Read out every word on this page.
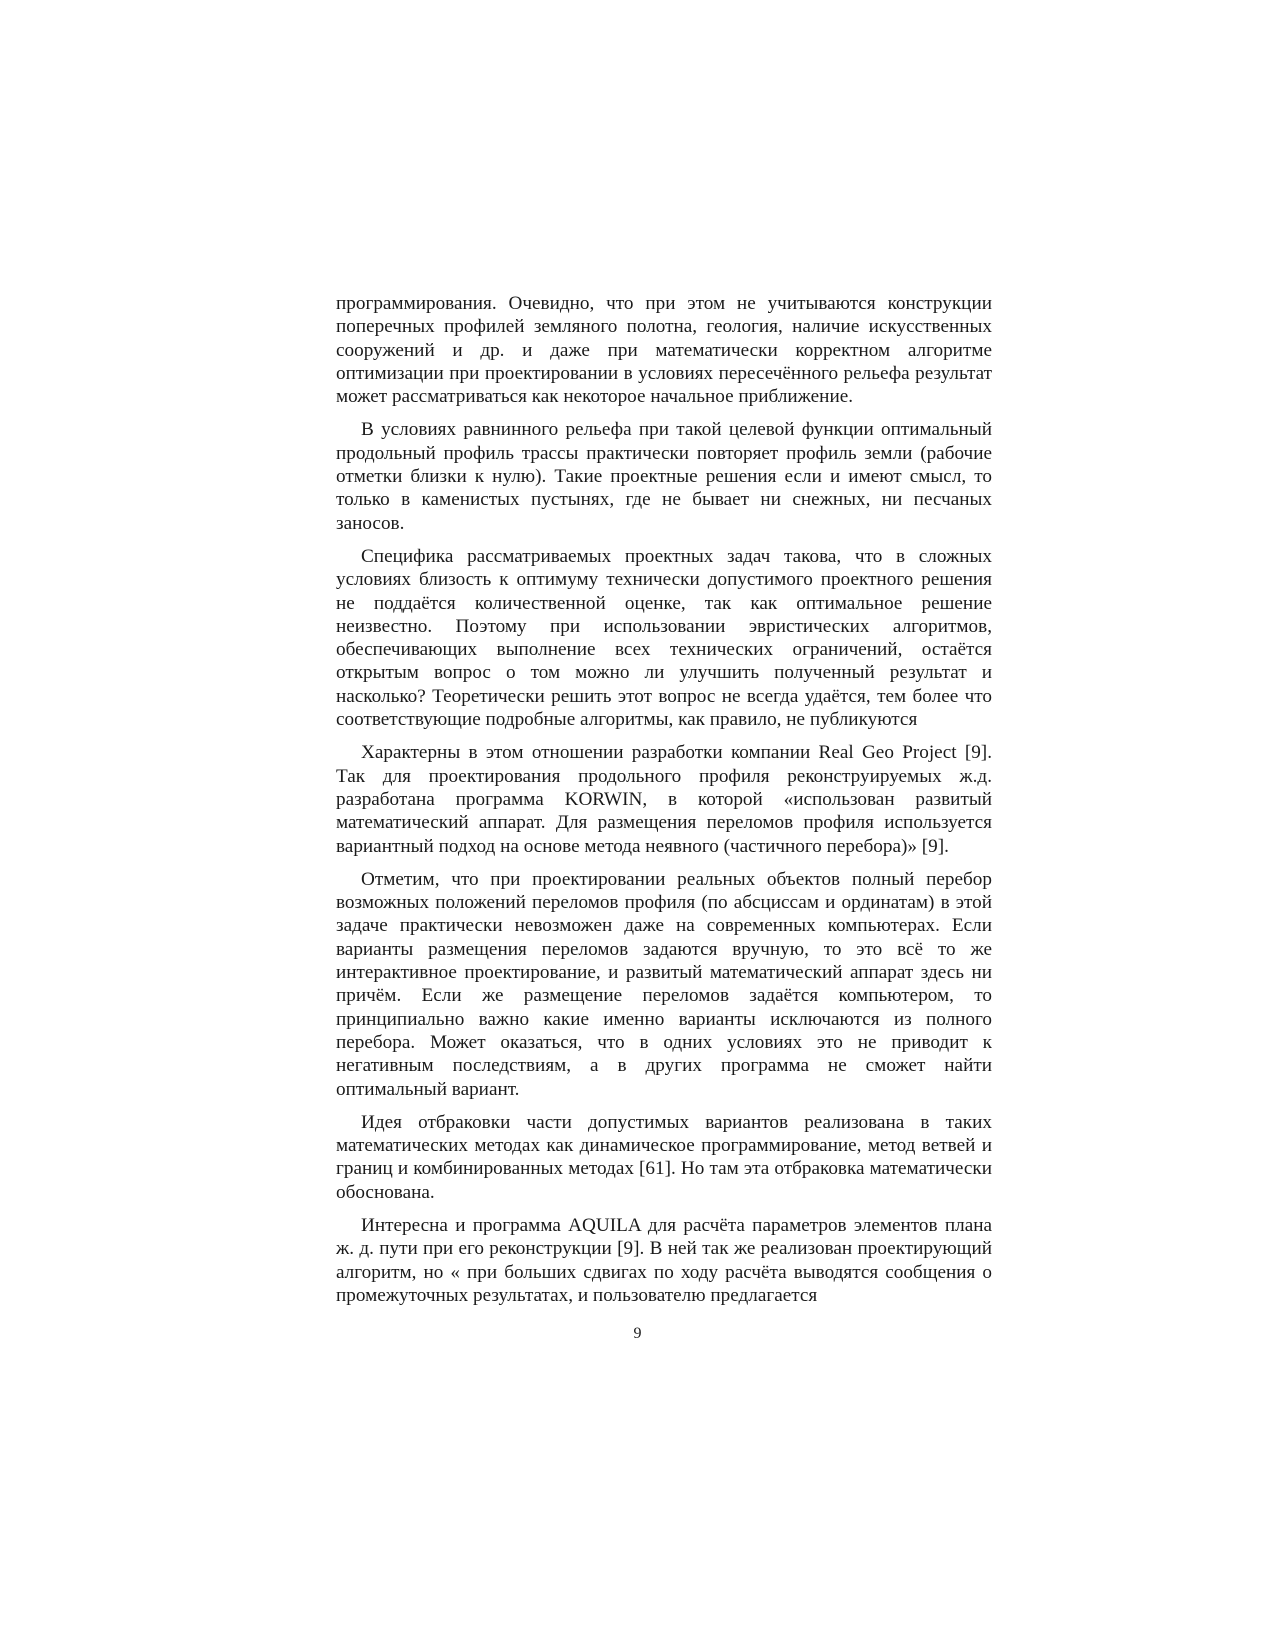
программирования. Очевидно, что при этом не учитываются конструкции поперечных профилей земляного полотна, геология, наличие искусственных сооружений и др. и даже при математически корректном алгоритме оптимизации при проектировании в условиях пересечённого рельефа результат может рассматриваться как некоторое начальное приближение.

В условиях равнинного рельефа при такой целевой функции оптимальный продольный профиль трассы практически повторяет профиль земли (рабочие отметки близки к нулю). Такие проектные решения если и имеют смысл, то только в каменистых пустынях, где не бывает ни снежных, ни песчаных заносов.

Специфика рассматриваемых проектных задач такова, что в сложных условиях близость к оптимуму технически допустимого проектного решения не поддаётся количественной оценке, так как оптимальное решение неизвестно. Поэтому при использовании эвристических алгоритмов, обеспечивающих выполнение всех технических ограничений, остаётся открытым вопрос о том можно ли улучшить полученный результат и насколько? Теоретически решить этот вопрос не всегда удаётся, тем более что соответствующие подробные алгоритмы, как правило, не публикуются

Характерны в этом отношении разработки компании Real Geo Project [9]. Так для проектирования продольного профиля реконструируемых ж.д. разработана программа KORWIN, в которой «использован развитый математический аппарат. Для размещения переломов профиля используется вариантный подход на основе метода неявного (частичного перебора)» [9].

Отметим, что при проектировании реальных объектов полный перебор возможных положений переломов профиля (по абсциссам и ординатам) в этой задаче практически невозможен даже на современных компьютерах. Если варианты размещения переломов задаются вручную, то это всё то же интерактивное проектирование, и развитый математический аппарат здесь ни причём. Если же размещение переломов задаётся компьютером, то принципиально важно какие именно варианты исключаются из полного перебора. Может оказаться, что в одних условиях это не приводит к негативным последствиям, а в других программа не сможет найти оптимальный вариант.

Идея отбраковки части допустимых вариантов реализована в таких математических методах как динамическое программирование, метод ветвей и границ и комбинированных методах [61]. Но там эта отбраковка математически обоснована.

Интересна и программа AQUILA для расчёта параметров элементов плана ж. д. пути при его реконструкции [9]. В ней так же реализован проектирующий алгоритм, но « при больших сдвигах по ходу расчёта выводятся сообщения о промежуточных результатах, и пользователю предлагается

9
